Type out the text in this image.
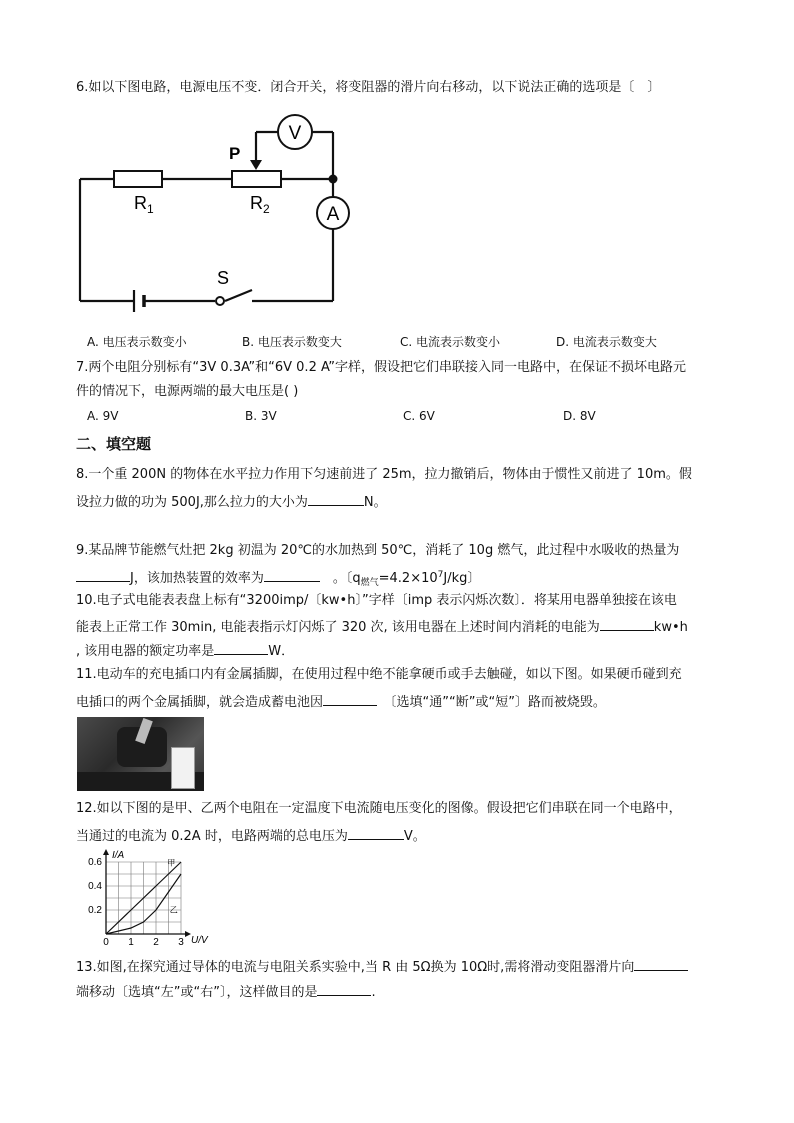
6.如以下图电路，电源电压不变．闭合开关，将变阻器的滑片向右移动，以下说法正确的选项是〔　〕
V
A
P
$R_1$	$R_2$
S
A. 电压表示数变小	B. 电压表示数变大	C. 电流表示数变小	D. 电流表示数变大
7.两个电阻分别标有“3V 0.3A”和“6V 0.2 A”字样，假设把它们串联接入同一电路中，在保证不损坏电路元
件的情况下，电源两端的最大电压是( )
A. 9V	B. 3V	C. 6V	D. 8V
二、填空题
8.一个重 200N 的物体在水平拉力作用下匀速前进了 25m，拉力撤销后，物体由于惯性又前进了 10m。假
设拉力做的功为 500J,那么拉力的大小为	N。
9.某品牌节能燃气灶把 2kg 初温为 20℃的水加热到 50℃，消耗了 10g 燃气，此过程中水吸收的热量为
J，该加热装置的效率为 	。〔$q_{燃气}=4.2\times 10^7J/kg$〕
10.电子式电能表表盘上标有“3200imp/〔kw•h〕”字样〔imp 表示闪烁次数〕．将某用电器单独接在该电
能表上正常工作 30min, 电能表指示灯闪烁了 320 次, 该用电器在上述时间内消耗的电能为	kw•h
, 该用电器的额定功率是	W．
11.电动车的充电插口内有金属插脚，在使用过程中绝不能拿硬币或手去触碰，如以下图。如果硬币碰到充
电插口的两个金属插脚，就会造成蓄电池因 	〔选填“通”“断”或“短”〕路而被烧毁。
12.如以下图的是甲、乙两个电阻在一定温度下电流随电压变化的图像。假设把它们串联在同一个电路中，
当通过的电流为 0.2A 时，电路两端的总电压为	V。
0 1 2 3
0.2
0.4
0.6	甲
乙
I/A
U/V
13.如图,在探究通过导体的电流与电阻关系实验中,当 R 由 5Ω换为 10Ω时,需将滑动变阻器滑片向
端移动〔选填“左”或“右”〕，这样做目的是	.
